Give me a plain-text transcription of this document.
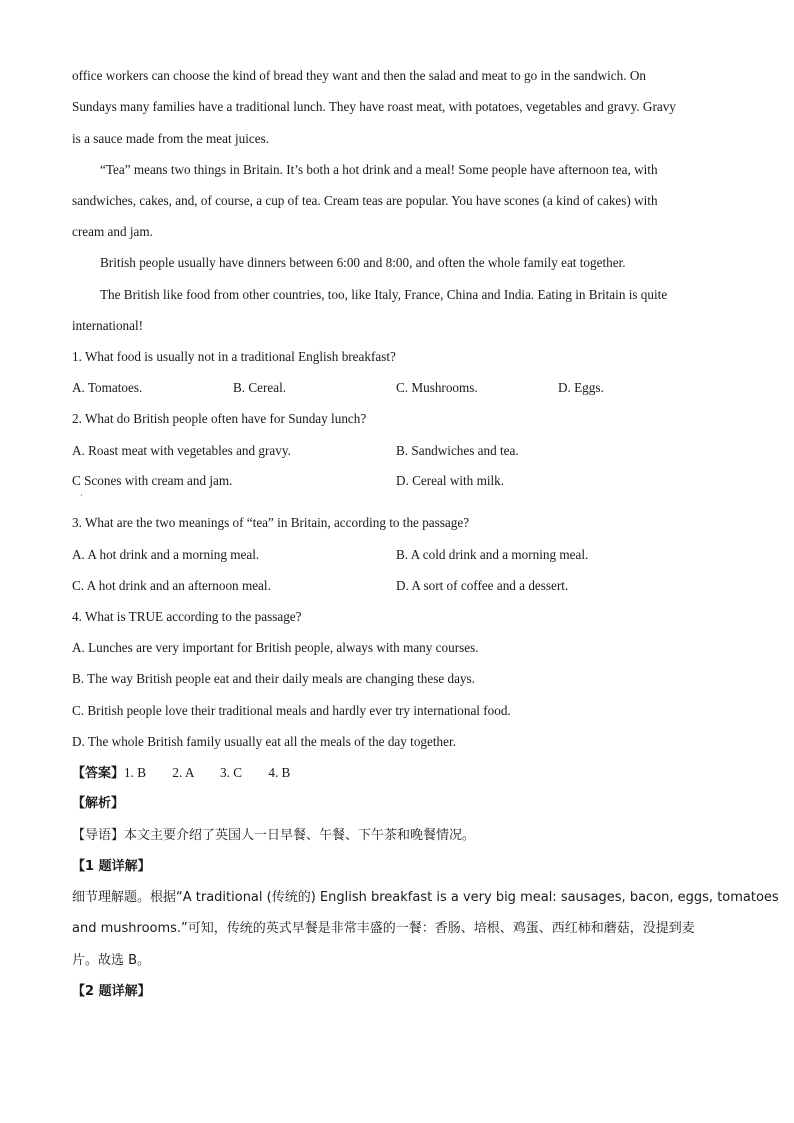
office workers can choose the kind of bread they want and then the salad and meat to go in the sandwich. On
Sundays many families have a traditional lunch. They have roast meat, with potatoes, vegetables and gravy. Gravy
is a sauce made from the meat juices.
“Tea” means two things in Britain. It’s both a hot drink and a meal! Some people have afternoon tea, with
sandwiches, cakes, and, of course, a cup of tea. Cream teas are popular. You have scones (a kind of cakes) with
cream and jam.
British people usually have dinners between 6:00 and 8:00, and often the whole family eat together.
The British like food from other countries, too, like Italy, France, China and India. Eating in Britain is quite
international!
1. What food is usually not in a traditional English breakfast?
A. Tomatoes.	B. Cereal.	C. Mushrooms.	D. Eggs.
2. What do British people often have for Sunday lunch?
A. Roast meat with vegetables and gravy.	B. Sandwiches and tea.
C Scones with cream and jam.	D. Cereal with milk.
·
3. What are the two meanings of “tea” in Britain, according to the passage?
A. A hot drink and a morning meal.	B. A cold drink and a morning meal.
C. A hot drink and an afternoon meal.	D. A sort of coffee and a dessert.
4. What is TRUE according to the passage?
A. Lunches are very important for British people, always with many courses.
B. The way British people eat and their daily meals are changing these days.
C. British people love their traditional meals and hardly ever try international food.
D. The whole British family usually eat all the meals of the day together.
【答案】1. B        2. A        3. C        4. B
【解析】
【导语】本文主要介绍了英国人一日早餐、午餐、下午茶和晚餐情况。
【1 题详解】
细节理解题。根据“A traditional (传统的) English breakfast is a very big meal: sausages, bacon, eggs, tomatoes
and mushrooms.”可知，传统的英式早餐是非常丰盛的一餐：香肠、培根、鸡蛋、西红柿和蘑菇，没提到麦
片。故选 B。
【2 题详解】
